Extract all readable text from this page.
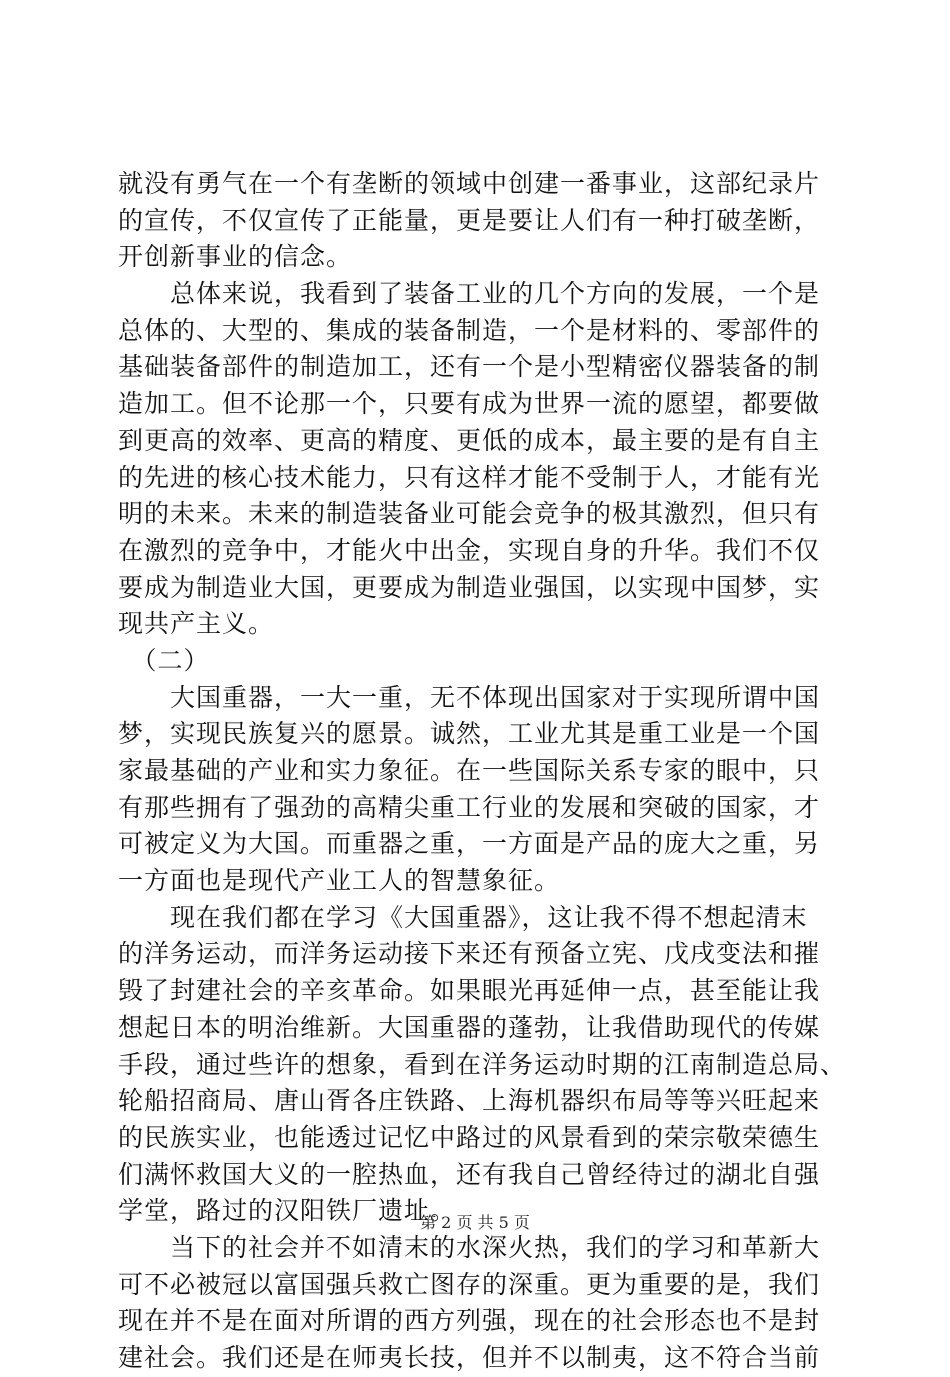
就没有勇气在一个有垄断的领域中创建一番事业，这部纪录片
的宣传，不仅宣传了正能量，更是要让人们有一种打破垄断，
开创新事业的信念。
　　总体来说，我看到了装备工业的几个方向的发展，一个是
总体的、大型的、集成的装备制造，一个是材料的、零部件的
基础装备部件的制造加工，还有一个是小型精密仪器装备的制
造加工。但不论那一个，只要有成为世界一流的愿望，都要做
到更高的效率、更高的精度、更低的成本，最主要的是有自主
的先进的核心技术能力，只有这样才能不受制于人，才能有光
明的未来。未来的制造装备业可能会竞争的极其激烈，但只有
在激烈的竞争中，才能火中出金，实现自身的升华。我们不仅
要成为制造业大国，更要成为制造业强国，以实现中国梦，实
现共产主义。
　（二）
　　大国重器，一大一重，无不体现出国家对于实现所谓中国
梦，实现民族复兴的愿景。诚然，工业尤其是重工业是一个国
家最基础的产业和实力象征。在一些国际关系专家的眼中，只
有那些拥有了强劲的高精尖重工行业的发展和突破的国家，才
可被定义为大国。而重器之重，一方面是产品的庞大之重，另
一方面也是现代产业工人的智慧象征。
　　现在我们都在学习《大国重器》，这让我不得不想起清末
的洋务运动，而洋务运动接下来还有预备立宪、戊戌变法和摧
毁了封建社会的辛亥革命。如果眼光再延伸一点，甚至能让我
想起日本的明治维新。大国重器的蓬勃，让我借助现代的传媒
手段，通过些许的想象，看到在洋务运动时期的江南制造总局、
轮船招商局、唐山胥各庄铁路、上海机器织布局等等兴旺起来
的民族实业，也能透过记忆中路过的风景看到的荣宗敬荣德生
们满怀救国大义的一腔热血，还有我自己曾经待过的湖北自强
学堂，路过的汉阳铁厂遗址。
　　当下的社会并不如清末的水深火热，我们的学习和革新大
可不必被冠以富国强兵救亡图存的深重。更为重要的是，我们
现在并不是在面对所谓的西方列强，现在的社会形态也不是封
建社会。我们还是在师夷长技，但并不以制夷，这不符合当前
第 2 页 共 5 页
